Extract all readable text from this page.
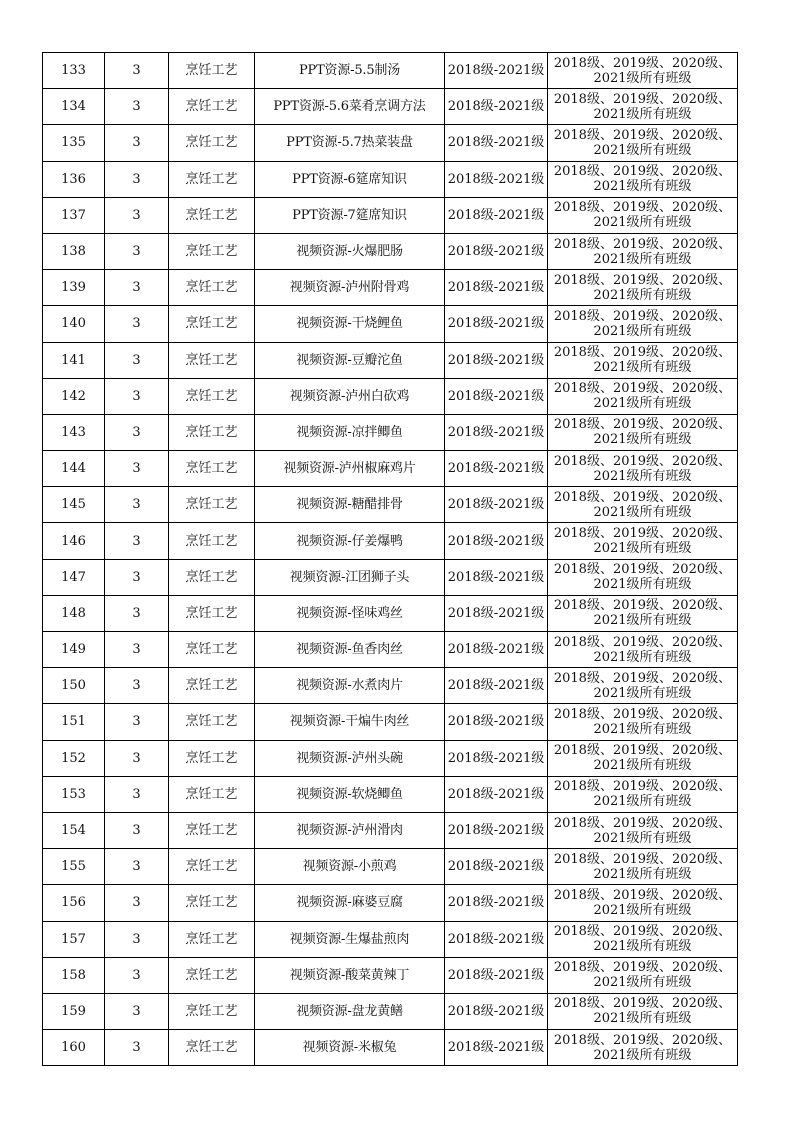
133	3	烹饪工艺	PPT资源-5.5制汤	2018级-2021级	2018级、2019级、2020级、
2021级所有班级

134	3	烹饪工艺	PPT资源-5.6菜肴烹调方法	2018级-2021级	2018级、2019级、2020级、
2021级所有班级

135	3	烹饪工艺	PPT资源-5.7热菜装盘	2018级-2021级	2018级、2019级、2020级、
2021级所有班级

136	3	烹饪工艺	PPT资源-6筵席知识	2018级-2021级	2018级、2019级、2020级、
2021级所有班级

137	3	烹饪工艺	PPT资源-7筵席知识	2018级-2021级	2018级、2019级、2020级、
2021级所有班级

138	3	烹饪工艺	视频资源-火爆肥肠	2018级-2021级	2018级、2019级、2020级、
2021级所有班级

139	3	烹饪工艺	视频资源-泸州附骨鸡	2018级-2021级	2018级、2019级、2020级、
2021级所有班级

140	3	烹饪工艺	视频资源-干烧鲤鱼	2018级-2021级	2018级、2019级、2020级、
2021级所有班级

141	3	烹饪工艺	视频资源-豆瓣沱鱼	2018级-2021级	2018级、2019级、2020级、
2021级所有班级

142	3	烹饪工艺	视频资源-泸州白砍鸡	2018级-2021级	2018级、2019级、2020级、
2021级所有班级

143	3	烹饪工艺	视频资源-凉拌鲫鱼	2018级-2021级	2018级、2019级、2020级、
2021级所有班级

144	3	烹饪工艺	视频资源-泸州椒麻鸡片	2018级-2021级	2018级、2019级、2020级、
2021级所有班级

145	3	烹饪工艺	视频资源-糖醋排骨	2018级-2021级	2018级、2019级、2020级、
2021级所有班级

146	3	烹饪工艺	视频资源-仔姜爆鸭	2018级-2021级	2018级、2019级、2020级、
2021级所有班级

147	3	烹饪工艺	视频资源-江团狮子头	2018级-2021级	2018级、2019级、2020级、
2021级所有班级

148	3	烹饪工艺	视频资源-怪味鸡丝	2018级-2021级	2018级、2019级、2020级、
2021级所有班级

149	3	烹饪工艺	视频资源-鱼香肉丝	2018级-2021级	2018级、2019级、2020级、
2021级所有班级

150	3	烹饪工艺	视频资源-水煮肉片	2018级-2021级	2018级、2019级、2020级、
2021级所有班级

151	3	烹饪工艺	视频资源-干煸牛肉丝	2018级-2021级	2018级、2019级、2020级、
2021级所有班级

152	3	烹饪工艺	视频资源-泸州头碗	2018级-2021级	2018级、2019级、2020级、
2021级所有班级

153	3	烹饪工艺	视频资源-软烧鲫鱼	2018级-2021级	2018级、2019级、2020级、
2021级所有班级

154	3	烹饪工艺	视频资源-泸州滑肉	2018级-2021级	2018级、2019级、2020级、
2021级所有班级

155	3	烹饪工艺	视频资源-小煎鸡	2018级-2021级	2018级、2019级、2020级、
2021级所有班级

156	3	烹饪工艺	视频资源-麻婆豆腐	2018级-2021级	2018级、2019级、2020级、
2021级所有班级

157	3	烹饪工艺	视频资源-生爆盐煎肉	2018级-2021级	2018级、2019级、2020级、
2021级所有班级

158	3	烹饪工艺	视频资源-酸菜黄辣丁	2018级-2021级	2018级、2019级、2020级、
2021级所有班级

159	3	烹饪工艺	视频资源-盘龙黄鳝	2018级-2021级	2018级、2019级、2020级、
2021级所有班级

160	3	烹饪工艺	视频资源-米椒兔	2018级-2021级	2018级、2019级、2020级、
2021级所有班级
